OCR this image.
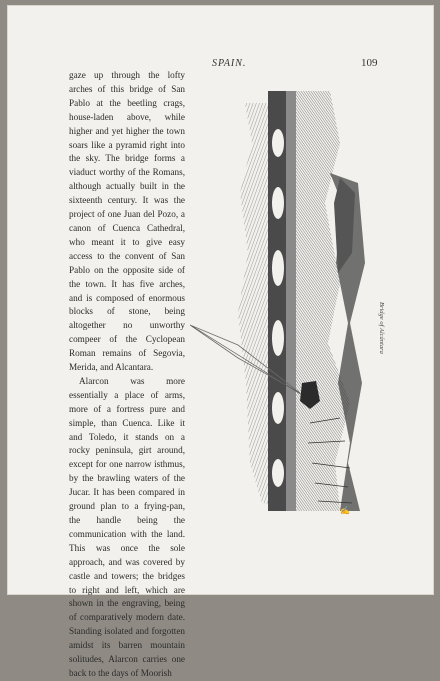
SPAIN.	109

gaze up through the lofty arches of this bridge of San Pablo at the beetling crags, house-laden above, while higher and yet higher the town soars like a pyramid right into the sky. The bridge forms a viaduct worthy of the Romans, although actually built in the sixteenth century. It was the project of one Juan del Pozo, a canon of Cuenca Cathedral, who meant it to give easy access to the convent of San Pablo on the opposite side of the town. It has five arches, and is composed of enormous blocks of stone, being altogether no unworthy compeer of the Cyclopean Roman remains of Segovia, Merida, and Alcantara.

Alarcon was more essentially a place of arms, more of a fortress pure and simple, than Cuenca. Like it and Toledo, it stands on a rocky peninsula, girt around, except for one narrow isthmus, by the brawling waters of the Jucar. It has been compared in ground plan to a frying-pan, the handle being the communication with the land. This was once the sole approach, and was covered by castle and towers; the bridges to right and left, which are shown in the engraving, being of comparatively modern date. Standing isolated and forgotten amidst its barren mountain solitudes, Alarcon carries one back to the days of Moorish

✍
Bridge of Alcántara
